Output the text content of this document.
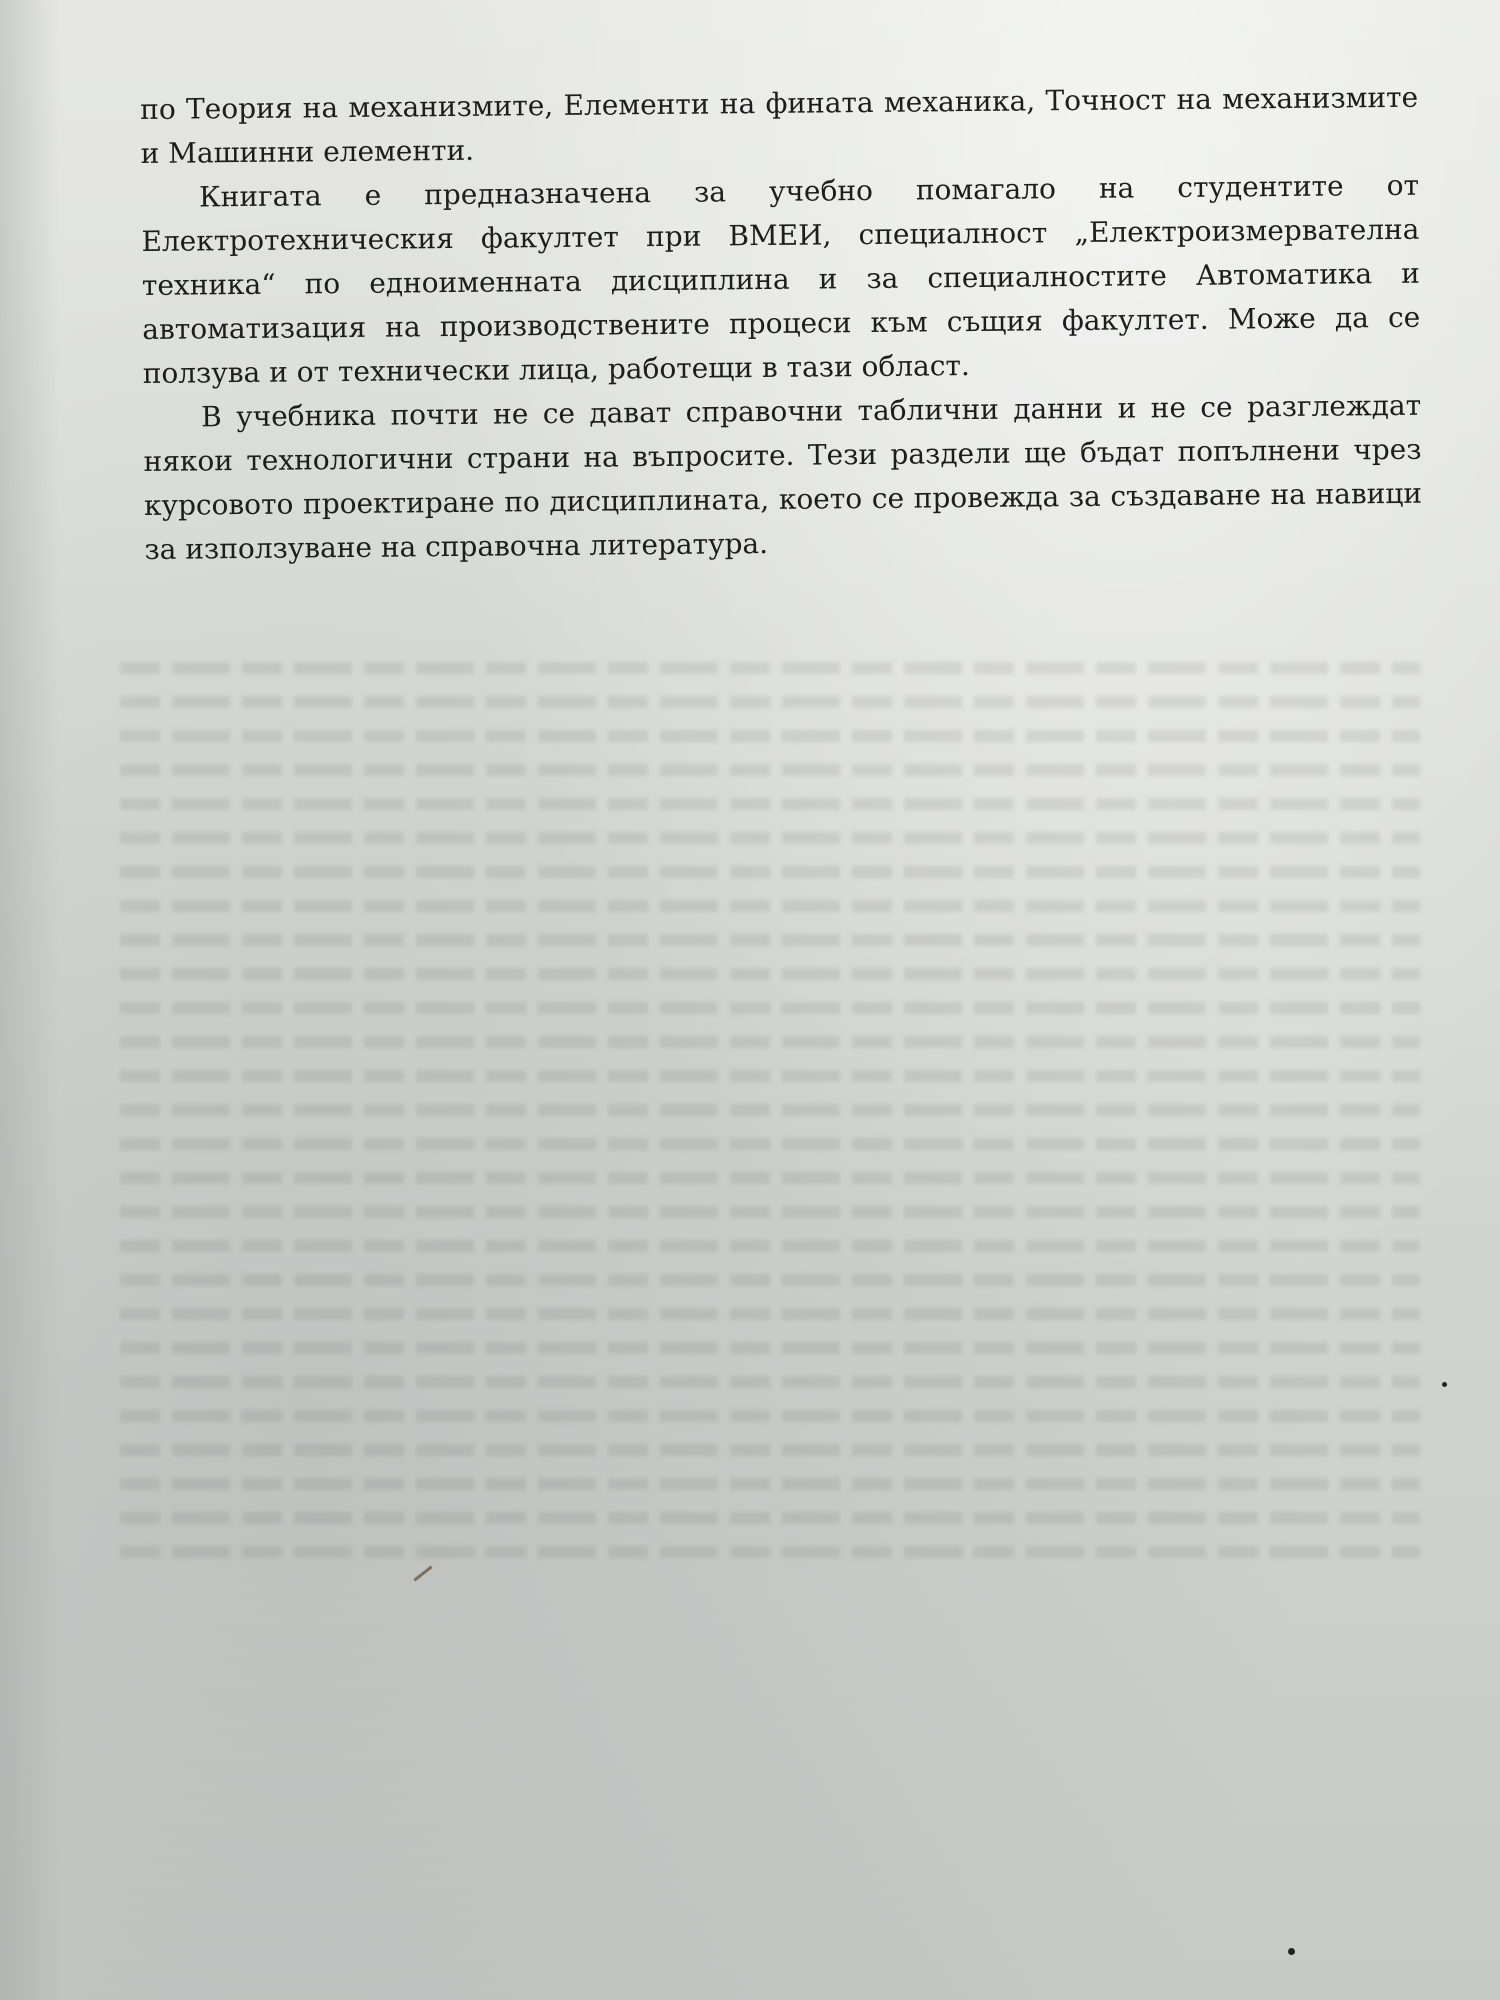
по Теория на механизмите, Елементи на фината механика, Точност на механизмите и Машинни елементи.

Книгата е предназначена за учебно помагало на студентите от Електротехническия факултет при ВМЕИ, специалност „Електроизмервателна техника“ по едноименната дисциплина и за специалностите Автоматика и автоматизация на производствените процеси към същия факултет. Може да се ползува и от технически лица, работещи в тази област.

В учебника почти не се дават справочни таблични данни и не се разглеждат някои технологични страни на въпросите. Тези раздели ще бъдат попълнени чрез курсовото проектиране по дисциплината, което се провежда за създаване на навици за използуване на справочна литература.
